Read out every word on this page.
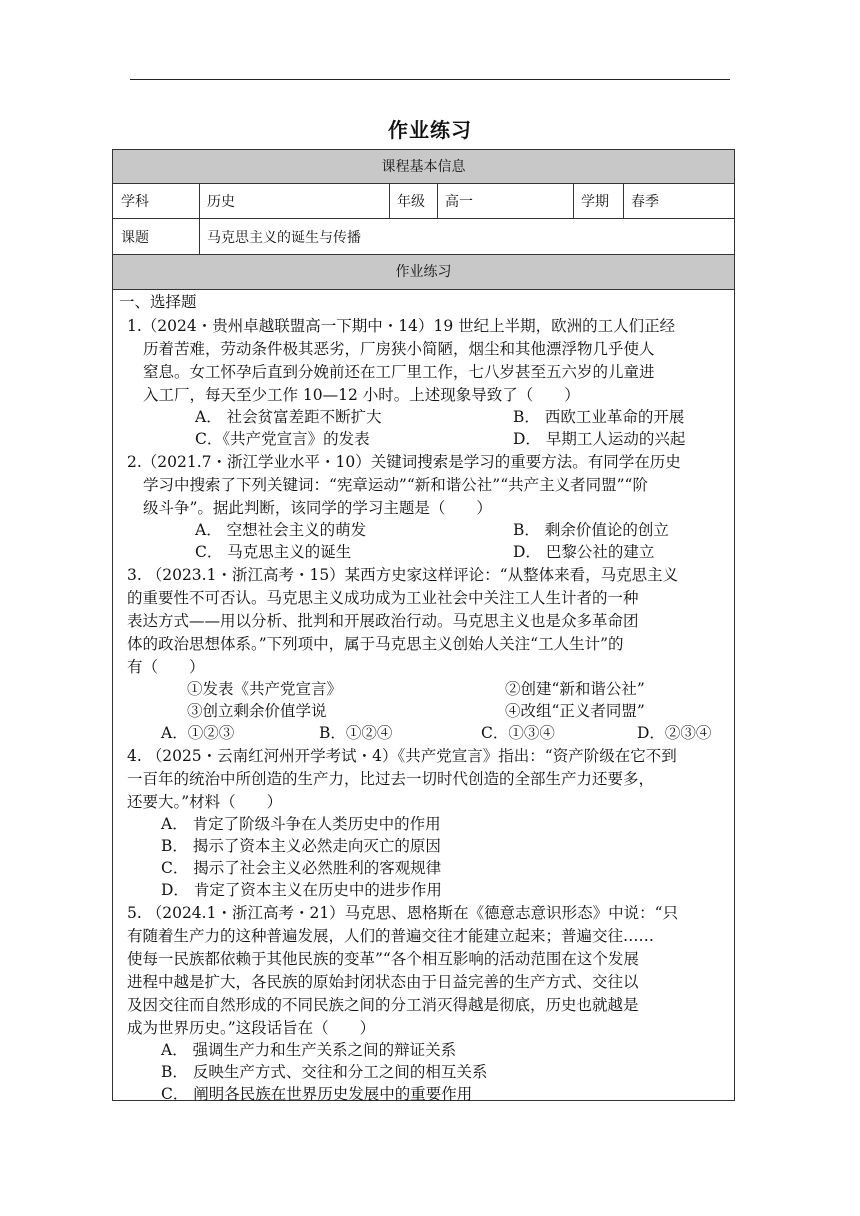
作业练习
课程基本信息
学科	历史	年级	高一	学期	春季
课题	马克思主义的诞生与传播
作业练习
一、选择题
1.（2024・贵州卓越联盟高一下期中・14）19 世纪上半期，欧洲的工人们正经
历着苦难，劳动条件极其恶劣，厂房狭小简陋，烟尘和其他漂浮物几乎使人
窒息。女工怀孕后直到分娩前还在工厂里工作，七八岁甚至五六岁的儿童进
入工厂，每天至少工作 10—12 小时。上述现象导致了（　　）
A． 社会贫富差距不断扩大	B． 西欧工业革命的开展
C．《共产党宣言》的发表	D． 早期工人运动的兴起
2.（2021.7・浙江学业水平・10）关键词搜索是学习的重要方法。有同学在历史
学习中搜索了下列关键词：“宪章运动”“新和谐公社”“共产主义者同盟”“阶
级斗争”。据此判断，该同学的学习主题是（　　）
A． 空想社会主义的萌发	B． 剩余价值论的创立
C． 马克思主义的诞生	D． 巴黎公社的建立
3. （2023.1・浙江高考・15）某西方史家这样评论：“从整体来看，马克思主义
的重要性不可否认。马克思主义成功成为工业社会中关注工人生计者的一种
表达方式——用以分析、批判和开展政治行动。马克思主义也是众多革命团
体的政治思想体系。”下列项中，属于马克思主义创始人关注“工人生计”的
有（　　）
①发表《共产党宣言》	②创建“新和谐公社”
③创立剩余价值学说	④改组“正义者同盟”
A．①②③	B．①②④	C．①③④	D．②③④
4. （2025・云南红河州开学考试・4）《共产党宣言》指出：“资产阶级在它不到
一百年的统治中所创造的生产力，比过去一切时代创造的全部生产力还要多，
还要大。”材料（　　）
A． 肯定了阶级斗争在人类历史中的作用
B． 揭示了资本主义必然走向灭亡的原因
C． 揭示了社会主义必然胜利的客观规律
D． 肯定了资本主义在历史中的进步作用
5. （2024.1・浙江高考・21）马克思、恩格斯在《德意志意识形态》中说：“只
有随着生产力的这种普遍发展，人们的普遍交往才能建立起来；普遍交往……
使每一民族都依赖于其他民族的变革”“各个相互影响的活动范围在这个发展
进程中越是扩大，各民族的原始封闭状态由于日益完善的生产方式、交往以
及因交往而自然形成的不同民族之间的分工消灭得越是彻底，历史也就越是
成为世界历史。”这段话旨在（　　）
A． 强调生产力和生产关系之间的辩证关系
B． 反映生产方式、交往和分工之间的相互关系
C． 阐明各民族在世界历史发展中的重要作用
